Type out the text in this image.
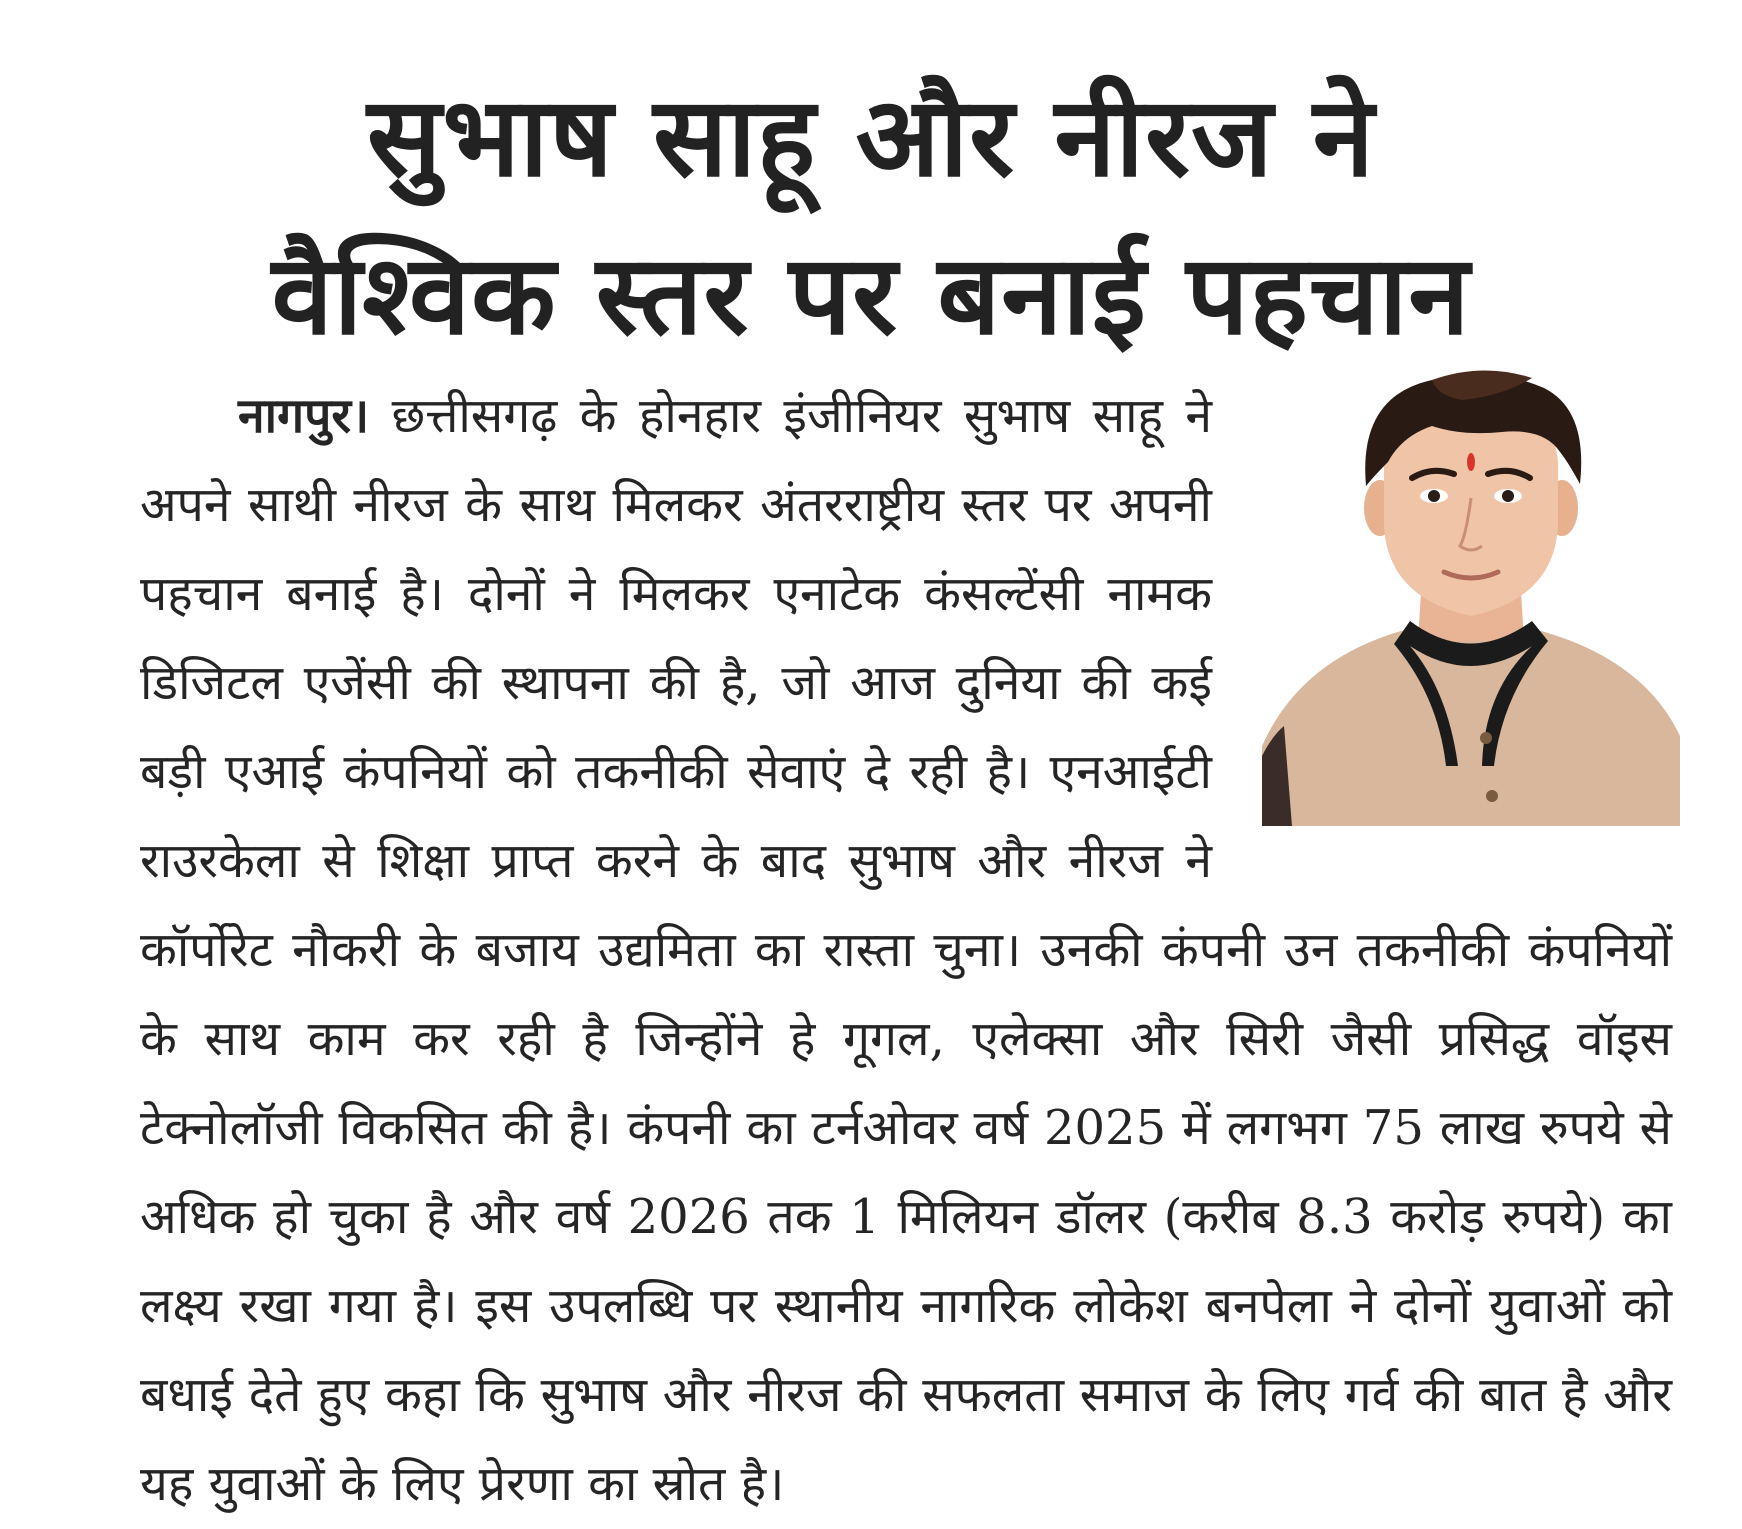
सुभाष साहू और नीरज ने
वैश्विक स्तर पर बनाई पहचान

नागपुर। छत्तीसगढ़ के होनहार इंजीनियर सुभाष साहू ने अपने साथी नीरज के साथ मिलकर अंतरराष्ट्रीय स्तर पर अपनी पहचान बनाई है। दोनों ने मिलकर एनाटेक कंसल्टेंसी नामक डिजिटल एजेंसी की स्थापना की है, जो आज दुनिया की कई बड़ी एआई कंपनियों को तकनीकी सेवाएं दे रही है। एनआईटी राउरकेला से शिक्षा प्राप्त करने के बाद सुभाष और नीरज ने कॉर्पोरेट नौकरी के बजाय उद्यमिता का रास्ता चुना। उनकी कंपनी उन तकनीकी कंपनियों के साथ काम कर रही है जिन्होंने हे गूगल, एलेक्सा और सिरी जैसी प्रसिद्ध वॉइस टेक्नोलॉजी विकसित की है। कंपनी का टर्नओवर वर्ष 2025 में लगभग 75 लाख रुपये से अधिक हो चुका है और वर्ष 2026 तक 1 मिलियन डॉलर (करीब 8.3 करोड़ रुपये) का लक्ष्य रखा गया है। इस उपलब्धि पर स्थानीय नागरिक लोकेश बनपेला ने दोनों युवाओं को बधाई देते हुए कहा कि सुभाष और नीरज की सफलता समाज के लिए गर्व की बात है और यह युवाओं के लिए प्रेरणा का स्रोत है।
